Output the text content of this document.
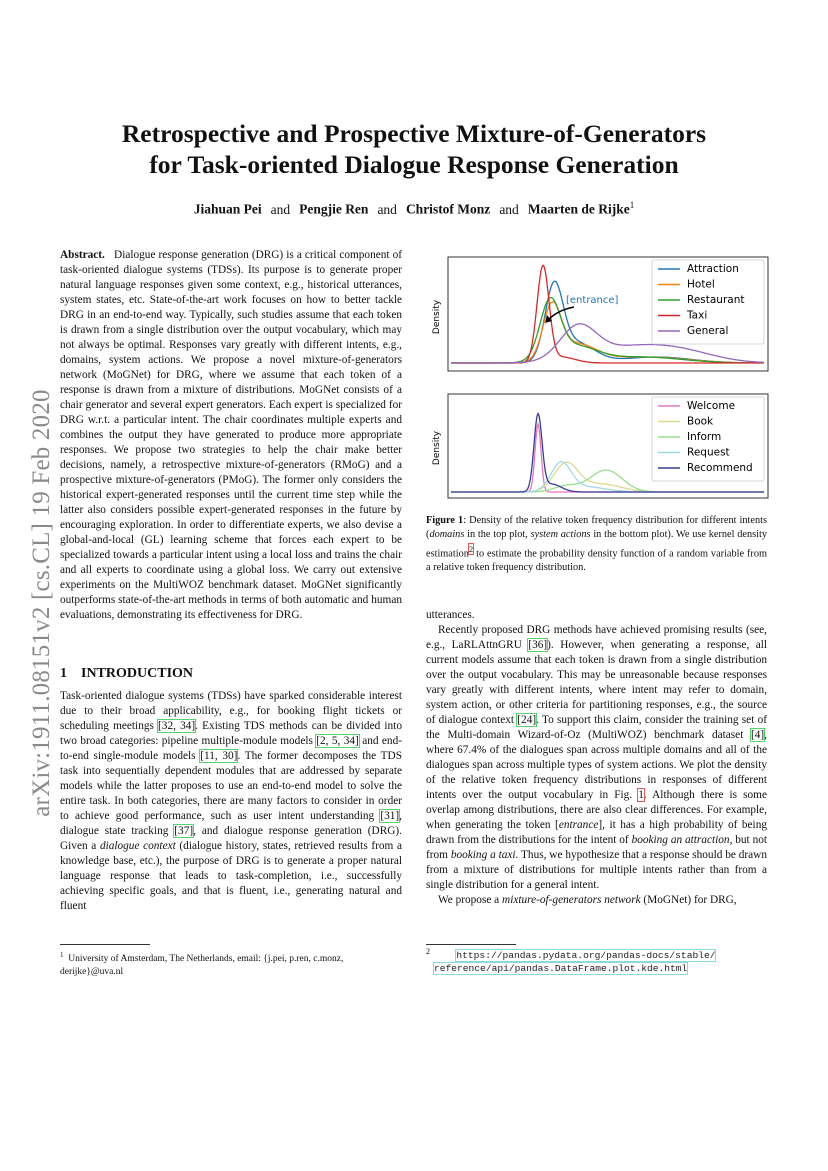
arXiv:1911.08151v2 [cs.CL] 19 Feb 2020
Retrospective and Prospective Mixture-of-Generators
for Task-oriented Dialogue Response Generation
Jiahuan Pei and Pengjie Ren and Christof Monz and Maarten de Rijke$^1$

Abstract. Dialogue response generation (DRG) is a critical component of task-oriented dialogue systems (TDSs). Its purpose is to generate proper natural language responses given some context, e.g., historical utterances, system states, etc. State-of-the-art work focuses on how to better tackle DRG in an end-to-end way. Typically, such studies assume that each token is drawn from a single distribution over the output vocabulary, which may not always be optimal. Responses vary greatly with different intents, e.g., domains, system actions. We propose a novel mixture-of-generators network (MoGNet) for DRG, where we assume that each token of a response is drawn from a mixture of distributions. MoGNet consists of a chair generator and several expert generators. Each expert is specialized for DRG w.r.t. a particular intent. The chair coordinates multiple experts and combines the output they have generated to produce more appropriate responses. We propose two strategies to help the chair make better decisions, namely, a retrospective mixture-of-generators (RMoG) and a prospective mixture-of-generators (PMoG). The former only considers the historical expert-generated responses until the current time step while the latter also considers possible expert-generated responses in the future by encouraging exploration. In order to differentiate experts, we also devise a global-and-local (GL) learning scheme that forces each expert to be specialized towards a particular intent using a local loss and trains the chair and all experts to coordinate using a global loss. We carry out extensive experiments on the MultiWOZ benchmark dataset. MoGNet significantly outperforms state-of-the-art methods in terms of both automatic and human evaluations, demonstrating its effectiveness for DRG.

1 INTRODUCTION

Task-oriented dialogue systems (TDSs) have sparked considerable interest due to their broad applicability, e.g., for booking flight tickets or scheduling meetings [32, 34]. Existing TDS methods can be divided into two broad categories: pipeline multiple-module models [2, 5, 34] and end-to-end single-module models [11, 30]. The former decomposes the TDS task into sequentially dependent modules that are addressed by separate models while the latter proposes to use an end-to-end model to solve the entire task. In both categories, there are many factors to consider in order to achieve good performance, such as user intent understanding [31], dialogue state tracking [37], and dialogue response generation (DRG). Given a dialogue context (dialogue history, states, retrieved results from a knowledge base, etc.), the purpose of DRG is to generate a proper natural language response that leads to task-completion, i.e., successfully achieving specific goals, and that is fluent, i.e., generating natural and fluent

$^1$ University of Amsterdam, The Netherlands, email: {j.pei, p.ren, c.monz, derijke}@uva.nl
Density	[entrance]
Attraction
Hotel
Restaurant
Taxi
General
Density
Welcome
Book
Inform
Request
Recommend

Figure 1: Density of the relative token frequency distribution for different intents (domains in the top plot, system actions in the bottom plot). We use kernel density estimation$^2$ to estimate the probability density function of a random variable from a relative token frequency distribution.

utterances.

Recently proposed DRG methods have achieved promising results (see, e.g., LaRLAttnGRU [36]). However, when generating a response, all current models assume that each token is drawn from a single distribution over the output vocabulary. This may be unreasonable because responses vary greatly with different intents, where intent may refer to domain, system action, or other criteria for partitioning responses, e.g., the source of dialogue context [24]. To support this claim, consider the training set of the Multi-domain Wizard-of-Oz (MultiWOZ) benchmark dataset [4], where 67.4% of the dialogues span across multiple domains and all of the dialogues span across multiple types of system actions. We plot the density of the relative token frequency distributions in responses of different intents over the output vocabulary in Fig. 1. Although there is some overlap among distributions, there are also clear differences. For example, when generating the token [entrance], it has a high probability of being drawn from the distributions for the intent of booking an attraction, but not from booking a taxi. Thus, we hypothesize that a response should be drawn from a mixture of distributions for multiple intents rather than from a single distribution for a general intent.

We propose a mixture-of-generators network (MoGNet) for DRG,

$^2$	https://pandas.pydata.org/pandas-docs/stable/
reference/api/pandas.DataFrame.plot.kde.html
